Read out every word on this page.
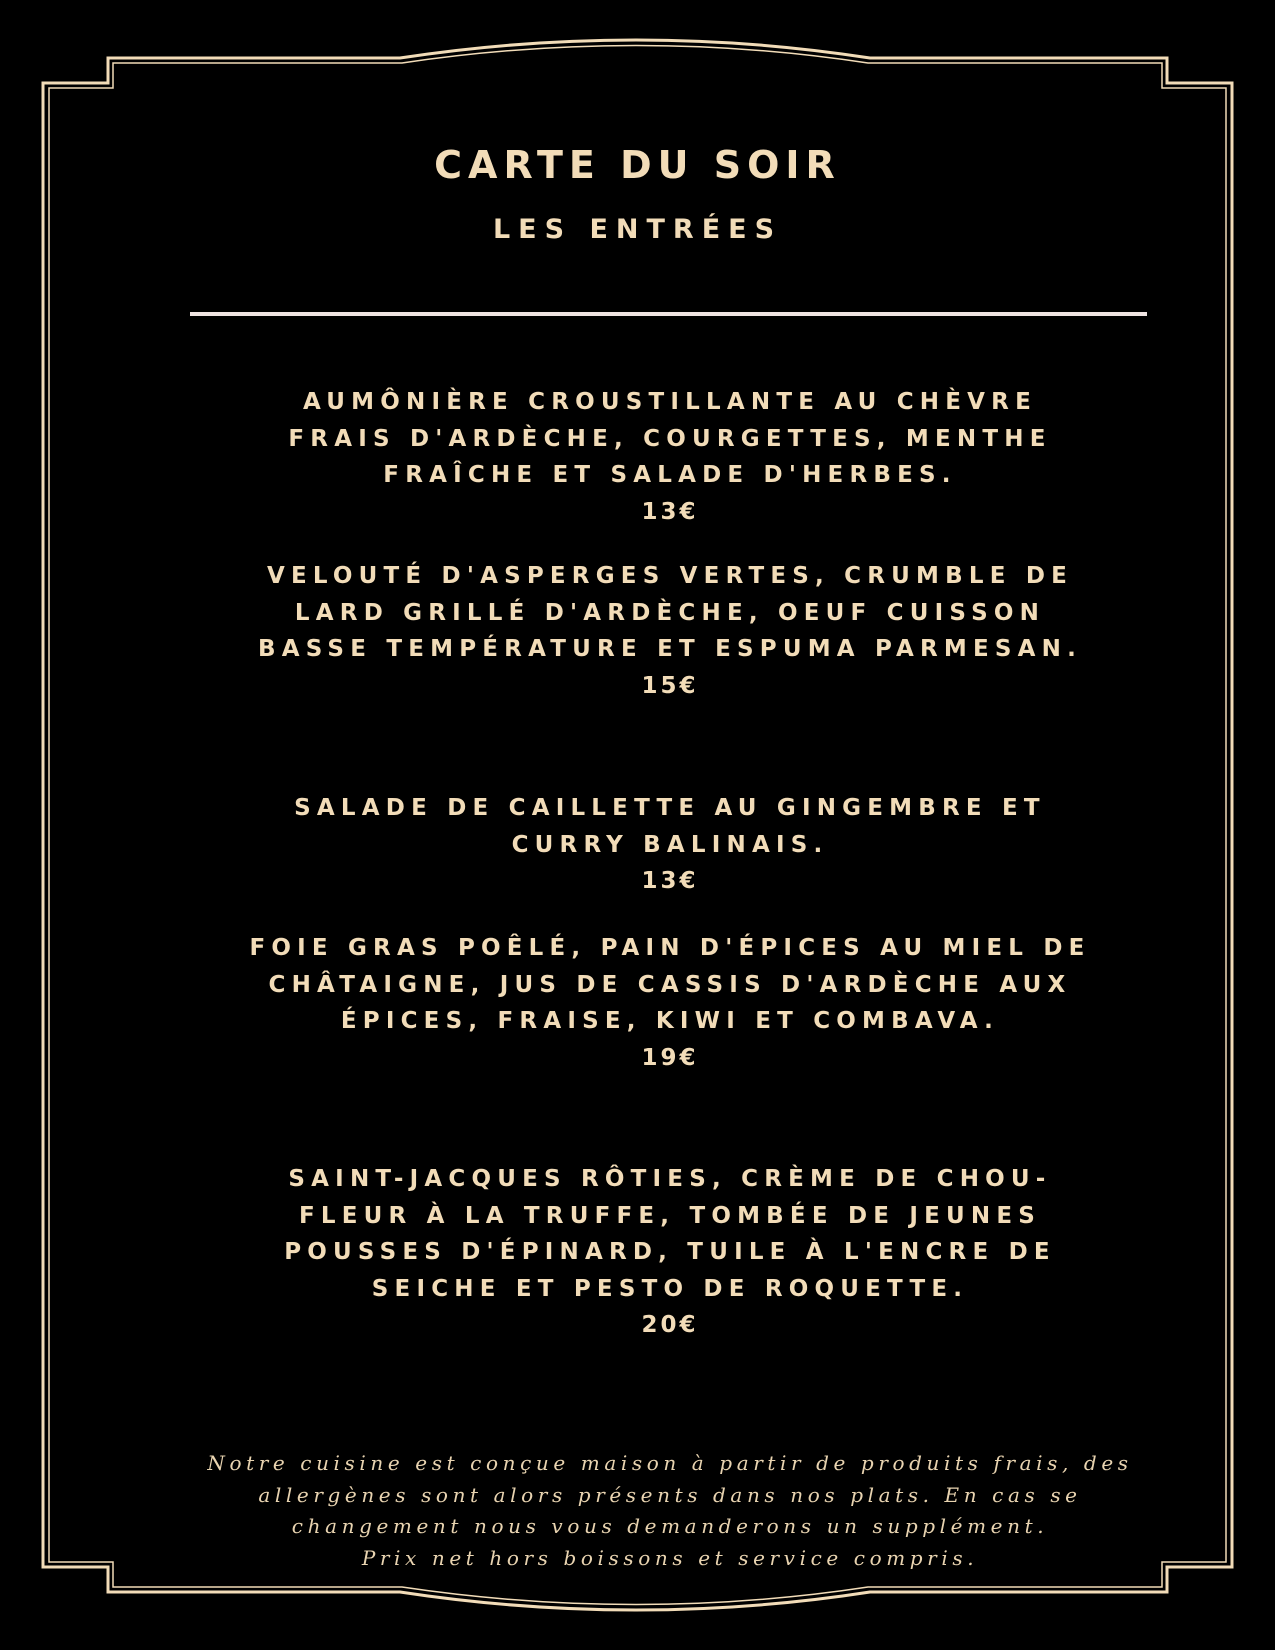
CARTE DU SOIR
LES ENTRÉES
AUMÔNIÈRE CROUSTILLANTE AU CHÈVRE
FRAIS D'ARDÈCHE, COURGETTES, MENTHE
FRAÎCHE ET SALADE D'HERBES.
13€
VELOUTÉ D'ASPERGES VERTES, CRUMBLE DE
LARD GRILLÉ D'ARDÈCHE, OEUF CUISSON
BASSE TEMPÉRATURE ET ESPUMA PARMESAN.
15€
SALADE DE CAILLETTE AU GINGEMBRE ET
CURRY BALINAIS.
13€
FOIE GRAS POÊLÉ, PAIN D'ÉPICES AU MIEL DE
CHÂTAIGNE, JUS DE CASSIS D'ARDÈCHE AUX
ÉPICES, FRAISE, KIWI ET COMBAVA.
19€
SAINT-JACQUES RÔTIES, CRÈME DE CHOU-
FLEUR À LA TRUFFE, TOMBÉE DE JEUNES
POUSSES D'ÉPINARD, TUILE À L'ENCRE DE
SEICHE ET PESTO DE ROQUETTE.
20€
Notre cuisine est conçue maison à partir de produits frais, des
allergènes sont alors présents dans nos plats. En cas se
changement nous vous demanderons un supplément.
Prix net hors boissons et service compris.
